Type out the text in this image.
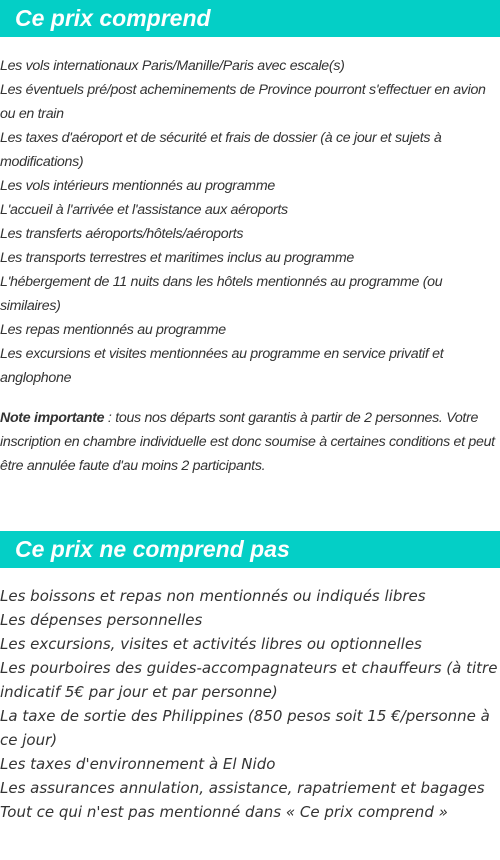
Ce prix comprend
Les vols internationaux Paris/Manille/Paris avec escale(s)
Les éventuels pré/post acheminements de Province pourront s'effectuer en avion ou en train
Les taxes d'aéroport et de sécurité et frais de dossier (à ce jour et sujets à modifications)
Les vols intérieurs mentionnés au programme
L'accueil à l'arrivée et l'assistance aux aéroports
Les transferts aéroports/hôtels/aéroports
Les transports terrestres et maritimes inclus au programme
L'hébergement de 11 nuits dans les hôtels mentionnés au programme (ou similaires)
Les repas mentionnés au programme
Les excursions et visites mentionnées au programme en service privatif et anglophone

Note importante : tous nos départs sont garantis à partir de 2 personnes. Votre inscription en chambre individuelle est donc soumise à certaines conditions et peut être annulée faute d'au moins 2 participants.

Ce prix ne comprend pas
Les boissons et repas non mentionnés ou indiqués libres
Les dépenses personnelles
Les excursions, visites et activités libres ou optionnelles
Les pourboires des guides-accompagnateurs et chauffeurs (à titre indicatif 5€ par jour et par personne)
La taxe de sortie des Philippines (850 pesos soit 15 €/personne à ce jour)
Les taxes d'environnement à El Nido
Les assurances annulation, assistance, rapatriement et bagages
Tout ce qui n'est pas mentionné dans « Ce prix comprend »
